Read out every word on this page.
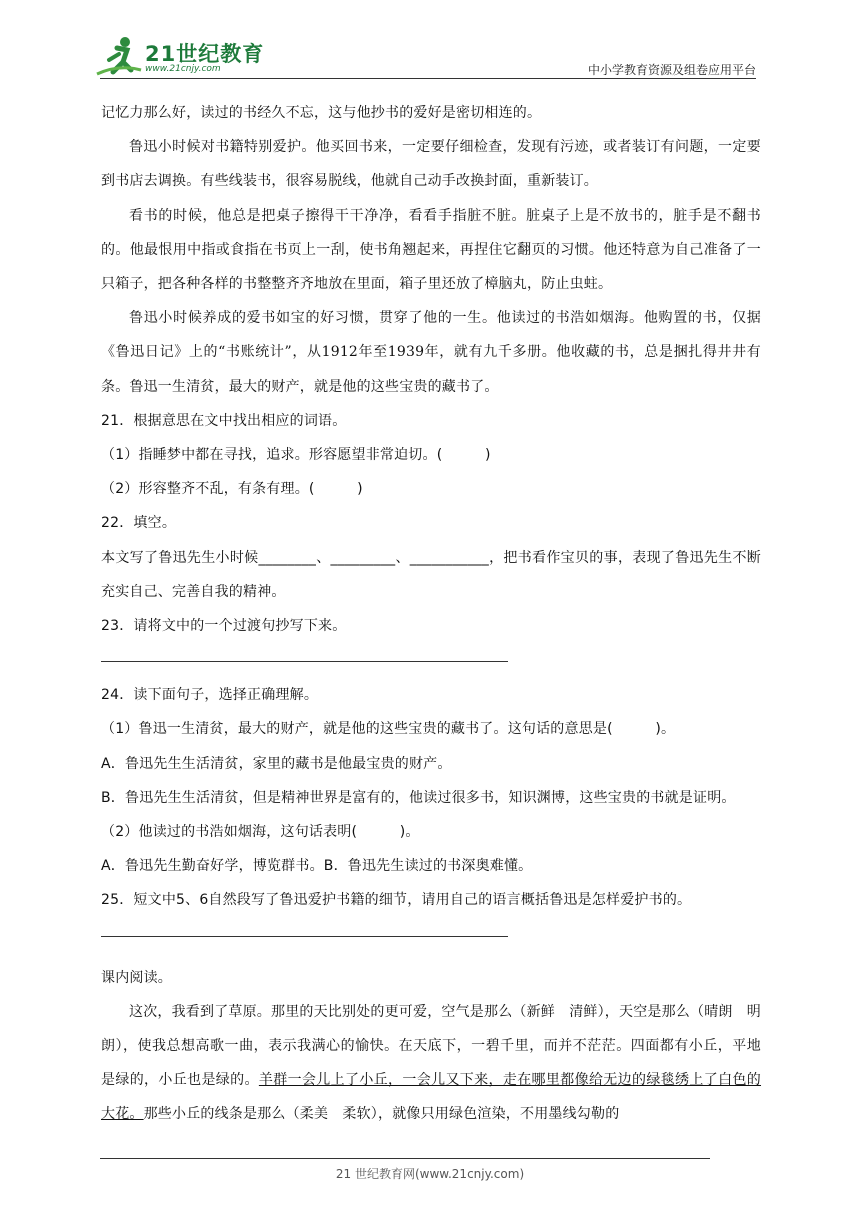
21世纪教育
www.21cnjy.com	中小学教育资源及组卷应用平台

记忆力那么好，读过的书经久不忘，这与他抄书的爱好是密切相连的。

鲁迅小时候对书籍特别爱护。他买回书来，一定要仔细检查，发现有污迹，或者装订有问题，一定要到书店去调换。有些线装书，很容易脱线，他就自己动手改换封面，重新装订。

看书的时候，他总是把桌子擦得干干净净，看看手指脏不脏。脏桌子上是不放书的，脏手是不翻书的。他最恨用中指或食指在书页上一刮，使书角翘起来，再捏住它翻页的习惯。他还特意为自己准备了一只箱子，把各种各样的书整整齐齐地放在里面，箱子里还放了樟脑丸，防止虫蛀。

鲁迅小时候养成的爱书如宝的好习惯，贯穿了他的一生。他读过的书浩如烟海。他购置的书，仅据《鲁迅日记》上的“书账统计”，从1912年至1939年，就有九千多册。他收藏的书，总是捆扎得井井有条。鲁迅一生清贫，最大的财产，就是他的这些宝贵的藏书了。

21．根据意思在文中找出相应的词语。

（1）指睡梦中都在寻找，追求。形容愿望非常迫切。(　　　)

（2）形容整齐不乱，有条有理。(　　　)

22．填空。

本文写了鲁迅先生小时候________、_________、___________，把书看作宝贝的事，表现了鲁迅先生不断充实自己、完善自我的精神。

23．请将文中的一个过渡句抄写下来。

24．读下面句子，选择正确理解。

（1）鲁迅一生清贫，最大的财产，就是他的这些宝贵的藏书了。这句话的意思是(　　　)。

A．鲁迅先生生活清贫，家里的藏书是他最宝贵的财产。

B．鲁迅先生生活清贫，但是精神世界是富有的，他读过很多书，知识渊博，这些宝贵的书就是证明。

（2）他读过的书浩如烟海，这句话表明(　　　)。

A．鲁迅先生勤奋好学，博览群书。B．鲁迅先生读过的书深奥难懂。

25．短文中5、6自然段写了鲁迅爱护书籍的细节，请用自己的语言概括鲁迅是怎样爱护书的。

课内阅读。

这次，我看到了草原。那里的天比别处的更可爱，空气是那么（新鲜　清鲜），天空是那么（晴朗　明朗），使我总想高歌一曲，表示我满心的愉快。在天底下，一碧千里，而并不茫茫。四面都有小丘，平地是绿的，小丘也是绿的。羊群一会儿上了小丘，一会儿又下来，走在哪里都像给无边的绿毯绣上了白色的大花。那些小丘的线条是那么（柔美　柔软），就像只用绿色渲染，不用墨线勾勒的

21 世纪教育网(www.21cnjy.com)
